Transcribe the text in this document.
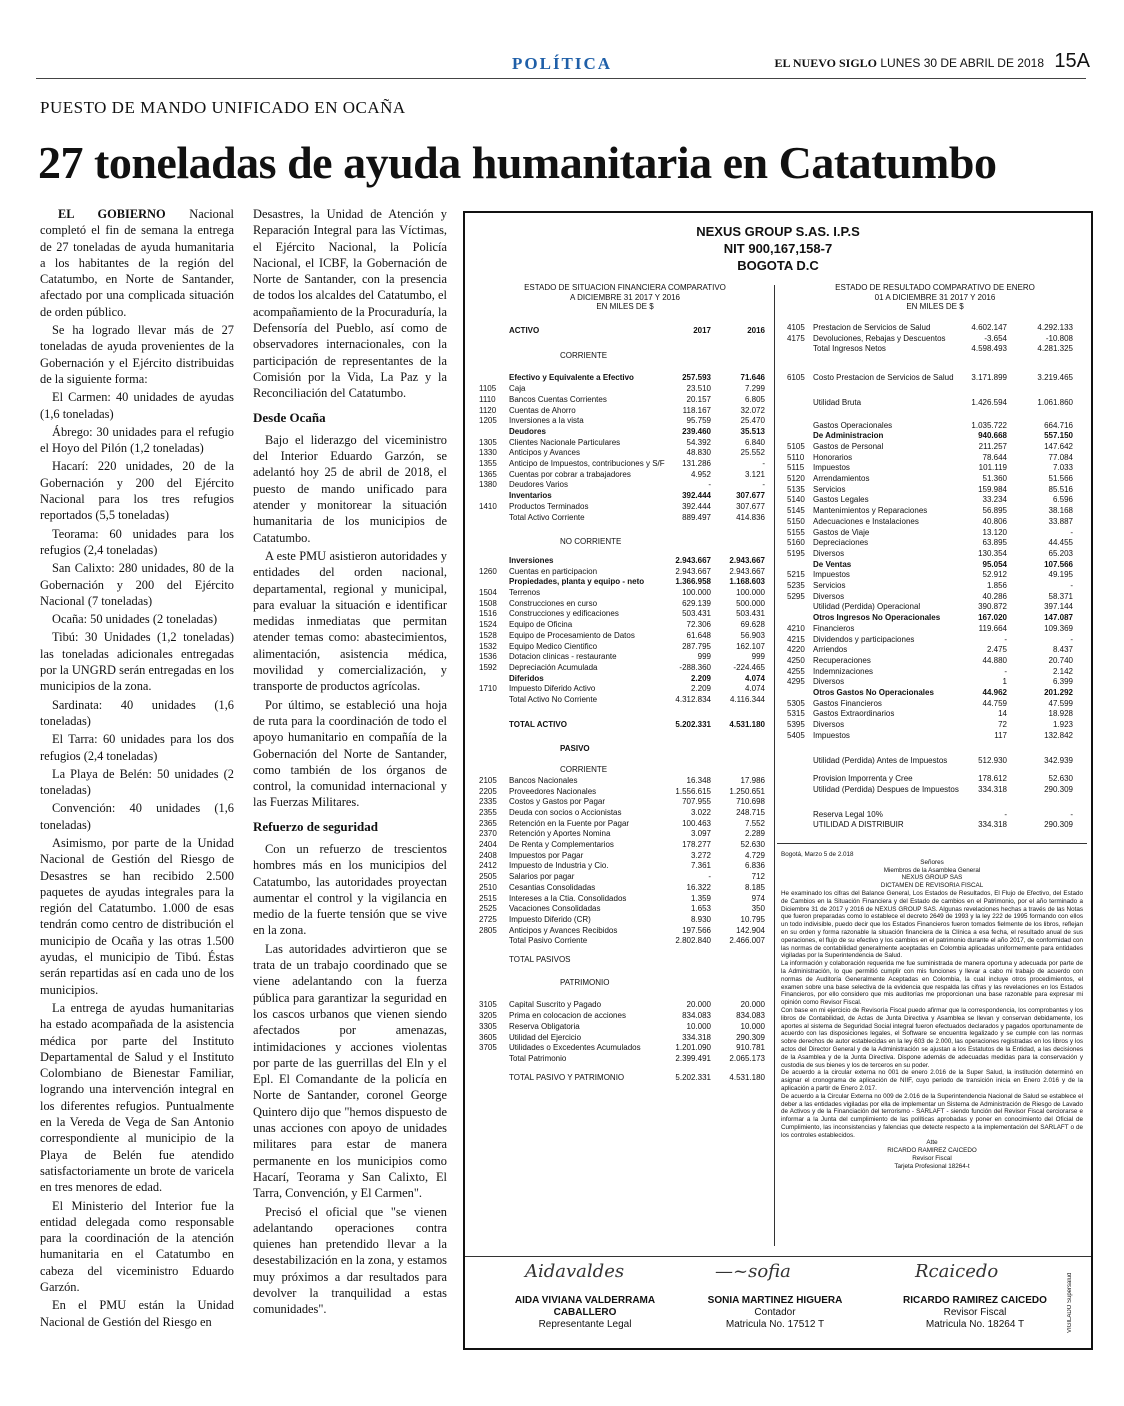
POLÍTICA	EL NUEVO SIGLO LUNES 30 DE ABRIL DE 2018 15A
PUESTO DE MANDO UNIFICADO EN OCAÑA
27 toneladas de ayuda humanitaria en Catatumbo

EL GOBIERNO Nacional completó el fin de semana la entrega de 27 toneladas de ayuda humanitaria a los habitantes de la región del Catatumbo, en Norte de Santander, afectado por una complicada situación de orden público.

Se ha logrado llevar más de 27 toneladas de ayuda provenientes de la Gobernación y el Ejército distribuidas de la siguiente forma:

El Carmen: 40 unidades de ayudas (1,6 toneladas)

Ábrego: 30 unidades para el refugio el Hoyo del Pilón (1,2 toneladas)

Hacarí: 220 unidades, 20 de la Gobernación y 200 del Ejército Nacional para los tres refugios reportados (5,5 toneladas)

Teorama: 60 unidades para los refugios (2,4 toneladas)

San Calixto: 280 unidades, 80 de la Gobernación y 200 del Ejército Nacional (7 toneladas)

Ocaña: 50 unidades (2 toneladas)

Tibú: 30 Unidades (1,2 toneladas) las toneladas adicionales entregadas por la UNGRD serán entregadas en los municipios de la zona.

Sardinata: 40 unidades (1,6 toneladas)

El Tarra: 60 unidades para los dos refugios (2,4 toneladas)

La Playa de Belén: 50 unidades (2 toneladas)

Convención: 40 unidades (1,6 toneladas)

Asimismo, por parte de la Unidad Nacional de Gestión del Riesgo de Desastres se han recibido 2.500 paquetes de ayudas integrales para la región del Catatumbo. 1.000 de esas tendrán como centro de distribución el municipio de Ocaña y las otras 1.500 ayudas, el municipio de Tibú. Éstas serán repartidas así en cada uno de los municipios.

La entrega de ayudas humanitarias ha estado acompañada de la asistencia médica por parte del Instituto Departamental de Salud y el Instituto Colombiano de Bienestar Familiar, logrando una intervención integral en los diferentes refugios. Puntualmente en la Vereda de Vega de San Antonio correspondiente al municipio de la Playa de Belén fue atendido satisfactoriamente un brote de varicela en tres menores de edad.

El Ministerio del Interior fue la entidad delegada como responsable para la coordinación de la atención humanitaria en el Catatumbo en cabeza del viceministro Eduardo Garzón.

En el PMU están la Unidad Nacional de Gestión del Riesgo en

Desastres, la Unidad de Atención y Reparación Integral para las Víctimas, el Ejército Nacional, la Policía Nacional, el ICBF, la Gobernación de Norte de Santander, con la presencia de todos los alcaldes del Catatumbo, el acompañamiento de la Procuraduría, la Defensoría del Pueblo, así como de observadores internacionales, con la participación de representantes de la Comisión por la Vida, La Paz y la Reconciliación del Catatumbo.

Desde Ocaña

Bajo el liderazgo del viceministro del Interior Eduardo Garzón, se adelantó hoy 25 de abril de 2018, el puesto de mando unificado para atender y monitorear la situación humanitaria de los municipios de Catatumbo.

A este PMU asistieron autoridades y entidades del orden nacional, departamental, regional y municipal, para evaluar la situación e identificar medidas inmediatas que permitan atender temas como: abastecimientos, alimentación, asistencia médica, movilidad y comercialización, y transporte de productos agrícolas.

Por último, se estableció una hoja de ruta para la coordinación de todo el apoyo humanitario en compañía de la Gobernación del Norte de Santander, como también de los órganos de control, la comunidad internacional y las Fuerzas Militares.

Refuerzo de seguridad

Con un refuerzo de trescientos hombres más en los municipios del Catatumbo, las autoridades proyectan aumentar el control y la vigilancia en medio de la fuerte tensión que se vive en la zona.

Las autoridades advirtieron que se trata de un trabajo coordinado que se viene adelantando con la fuerza pública para garantizar la seguridad en los cascos urbanos que vienen siendo afectados por amenazas, intimidaciones y acciones violentas por parte de las guerrillas del Eln y el Epl. El Comandante de la policía en Norte de Santander, coronel George Quintero dijo que "hemos dispuesto de unas acciones con apoyo de unidades militares para estar de manera permanente en los municipios como Hacarí, Teorama y San Calixto, El Tarra, Convención, y El Carmen".

Precisó el oficial que "se vienen adelantando operaciones contra quienes han pretendido llevar a la desestabilización en la zona, y estamos muy próximos a dar resultados para devolver la tranquilidad a estas comunidades".

NEXUS GROUP S.AS. I.P.S
NIT 900,167,158-7
BOGOTA D.C
ESTADO DE SITUACION FINANCIERA COMPARATIVO
A DICIEMBRE 31 2017 Y 2016
EN MILES DE $
ESTADO DE RESULTADO COMPARATIVO DE ENERO
01 A DICIEMBRE 31 2017 Y 2016
EN MILES DE $
ACTIVO	2017	2016
CORRIENTE
Efectivo y Equivalente a Efectivo	257.593	71.646
1105 Caja	23.510	7.299
1110 Bancos Cuentas Corrientes	20.157	6.805
1120 Cuentas de Ahorro	118.167	32.072
1205 Inversiones a la vista	95.759	25.470
Deudores	239.460	35.513
1305 Clientes Nacionale Particulares	54.392	6.840
1330 Anticipos y Avances	48.830	25.552
1355 Anticipo de Impuestos, contribuciones y S/F 131.286	-
1365 Cuentas por cobrar a trabajadores	4.952	3.121
1380 Deudores Varios	-	-
Inventarios	392.444	307.677
1410 Productos Terminados	392.444	307.677
Total Activo Corriente	889.497	414.836
NO CORRIENTE
Inversiones	2.943.667 2.943.667
1260 Cuentas en participacion	2.943.667 2.943.667
Propiedades, planta y equipo - neto	1.366.958 1.168.603
1504 Terrenos	100.000	100.000
1508 Construcciones en curso	629.139	500.000
1516 Construcciones y edificaciones	503.431	503.431
1524 Equipo de Oficina	72.306	69.628
1528 Equipo de Procesamiento de Datos	61.648	56.903
1532 Equipo Medico Cientifico	287.795	162.107
1536 Dotacion clinicas - restaurante	999	999
1592 Depreciación Acumulada	-288.360	-224.465
Diferidos	2.209	4.074
1710 Impuesto Diferido Activo	2.209	4.074
Total Activo No Corriente	4.312.834 4.116.344
TOTAL ACTIVO	5.202.331 4.531.180
PASIVO
CORRIENTE
2105 Bancos Nacionales	16.348	17.986
2205 Proveedores Nacionales	1.556.615 1.250.651
2335 Costos y Gastos por Pagar	707.955	710.698
2355 Deuda con socios o Accionistas	3.022	248.715
2365 Retención en la Fuente por Pagar	100.463	7.552
2370 Retención y Aportes Nomina	3.097	2.289
2404 De Renta y Complementarios	178.277	52.630
2408 Impuestos por Pagar	3.272	4.729
2412 Impuesto de Industria y Cio.	7.361	6.836
2505 Salarios por pagar	-	712
2510 Cesantias Consolidadas	16.322	8.185
2515 Intereses a la Ctia. Consolidados	1.359	974
2525 Vacaciones Consolidadas	1.653	350
2725 Impuesto Diferido (CR)	8.930	10.795
2805 Anticipos y Avances Recibidos	197.566	142.904
Total Pasivo Corriente	2.802.840 2.466.007
TOTAL PASIVOS
PATRIMONIO
3105 Capital Suscrito y Pagado	20.000	20.000
3205 Prima en colocacion de acciones	834.083	834.083
3305 Reserva Obligatoria	10.000	10.000
3605 Utilidad del Ejercicio	334.318	290.309
3705 Utilidades o Excedentes Acumulados	1.201.090	910.781
Total Patrimonio	2.399.491 2.065.173
TOTAL PASIVO Y PATRIMONIO	5.202.331 4.531.180
4105 Prestacion de Servicios de Salud	4.602.147	4.292.133
4175 Devoluciones, Rebajas y Descuentos	-3.654	-10.808
Total Ingresos Netos	4.598.493	4.281.325
6105 Costo Prestacion de Servicios de Salud 3.171.899	3.219.465
Utilidad Bruta	1.426.594	1.061.860
Gastos Operacionales	1.035.722	664.716
De Administracion	940.668	557.150
5105 Gastos de Personal	211.257	147.642
5110 Honorarios	78.644	77.084
5115 Impuestos	101.119	7.033
5120 Arrendamientos	51.360	51.566
5135 Servicios	159.984	85.516
5140 Gastos Legales	33.234	6.596
5145 Mantenimientos y Reparaciones	56.895	38.168
5150 Adecuaciones e Instalaciones	40.806	33.887
5155 Gastos de Viaje	13.120	-
5160 Depreciaciones	63.895	44.455
5195 Diversos	130.354	65.203
De Ventas	95.054	107.566
5215 Impuestos	52.912	49.195
5235 Servicios	1.856	-
5295 Diversos	40.286	58.371
Utilidad (Perdida) Operacional	390.872	397.144
Otros Ingresos No Operacionales	167.020	147.087
4210 Financieros	119.664	109.369
4215 Dividendos y participaciones	-	-
4220 Arriendos	2.475	8.437
4250 Recuperaciones	44.880	20.740
4255 Indemnizaciones	-	2.142
4295 Diversos	1	6.399
Otros Gastos No Operacionales	44.962	201.292
5305 Gastos Financieros	44.759	47.599
5315 Gastos Extraordinarios	14	18.928
5395 Diversos	72	1.923
5405 Impuestos	117	132.842
Utilidad (Perdida) Antes de Impuestos	512.930	342.939
Provision Imporrenta y Cree	178.612	52.630
Utilidad (Perdida) Despues de Impuestos 334.318	290.309
Reserva Legal 10%	-	-
UTILIDAD A DISTRIBUIR	334.318	290.309
Bogotá, Marzo 5 de 2.018
Señores
Miembros de la Asamblea General
NEXUS GROUP SAS
DICTAMEN DE REVISORIA FISCAL
He examinado los cifras del Balance General, Los Estados de Resultados, El Flujo de Efectivo, del Estado de Cambios en la Situación Financiera y del Estado de cambios en el Patrimonio, por el año terminado a Diciembre 31 de 2017 y 2016 de NEXUS GROUP SAS. Algunas revelaciones hechas a través de las Notas que fueron preparadas como lo establece el decreto 2649 de 1993 y la ley 222 de 1995 formando con ellos un todo indivisible, puedo decir que los Estados Financieros fueron tomados fielmente de los libros, reflejan en su orden y forma razonable la situación financiera de la Clínica a esa fecha, el resultado anual de sus operaciones, el flujo de su efectivo y los cambios en el patrimonio durante el año 2017, de conformidad con las normas de contabilidad generalmente aceptadas en Colombia aplicadas uniformemente para entidades vigiladas por la Superintendencia de Salud.
La información y colaboración requerida me fue suministrada de manera oportuna y adecuada por parte de la Administración, lo que permitió cumplir con mis funciones y llevar a cabo mi trabajo de acuerdo con normas de Auditoría Generalmente Aceptadas en Colombia, la cual incluye otros procedimientos, el examen sobre una base selectiva de la evidencia que respalda las cifras y las revelaciones en los Estados Financieros, por ello considero que mis auditorías me proporcionan una base razonable para expresar mi opinión como Revisor Fiscal.
Con base en mi ejercicio de Revisoría Fiscal puedo afirmar que la correspondencia, los comprobantes y los libros de Contabilidad, de Actas de Junta Directiva y Asamblea se llevan y conservan debidamente, los aportes al sistema de Seguridad Social integral fueron efectuados declarados y pagados oportunamente de acuerdo con las disposiciones legales, el Software se encuentra legalizado y se cumple con las normas sobre derechos de autor establecidas en la ley 603 de 2.000, las operaciones registradas en los libros y los actos del Director General y de la Administración se ajustan a los Estatutos de la Entidad, a las decisiones de la Asamblea y de la Junta Directiva. Dispone además de adecuadas medidas para la conservación y custodia de sus bienes y los de terceros en su poder.
De acuerdo a la circular externa no 001 de enero 2.016 de la Super Salud, la institución determinó en asignar el cronograma de aplicación de NIIF, cuyo periodo de transición inicia en Enero 2.016 y de la aplicación a partir de Enero 2.017.
De acuerdo a la Circular Externa no 009 de 2.016 de la Superintendencia Nacional de Salud se establece el deber a las entidades vigiladas por ella de implementar un Sistema de Administración de Riesgo de Lavado de Activos y de la Financiación del terrorismo - SARLAFT - siendo función del Revisor Fiscal cerciorarse e informar a la Junta del cumplimiento de las políticas aprobadas y poner en conocimiento del Oficial de Cumplimiento, las inconsistencias y falencias que detecte respecto a la implementación del SARLAFT o de los controles establecidos.
Atte
RICARDO RAMIREZ CAICEDO
Revisor Fiscal
Tarjeta Profesional 18264-t
VIGILADO Supersalud
Aidavaldes
AIDA VIVIANA VALDERRAMA CABALLERO
Representante Legal
—~sofia
SONIA MARTINEZ HIGUERA
Contador
Matricula No. 17512 T
Rcaicedo
RICARDO RAMIREZ CAICEDO
Revisor Fiscal
Matricula No. 18264 T
